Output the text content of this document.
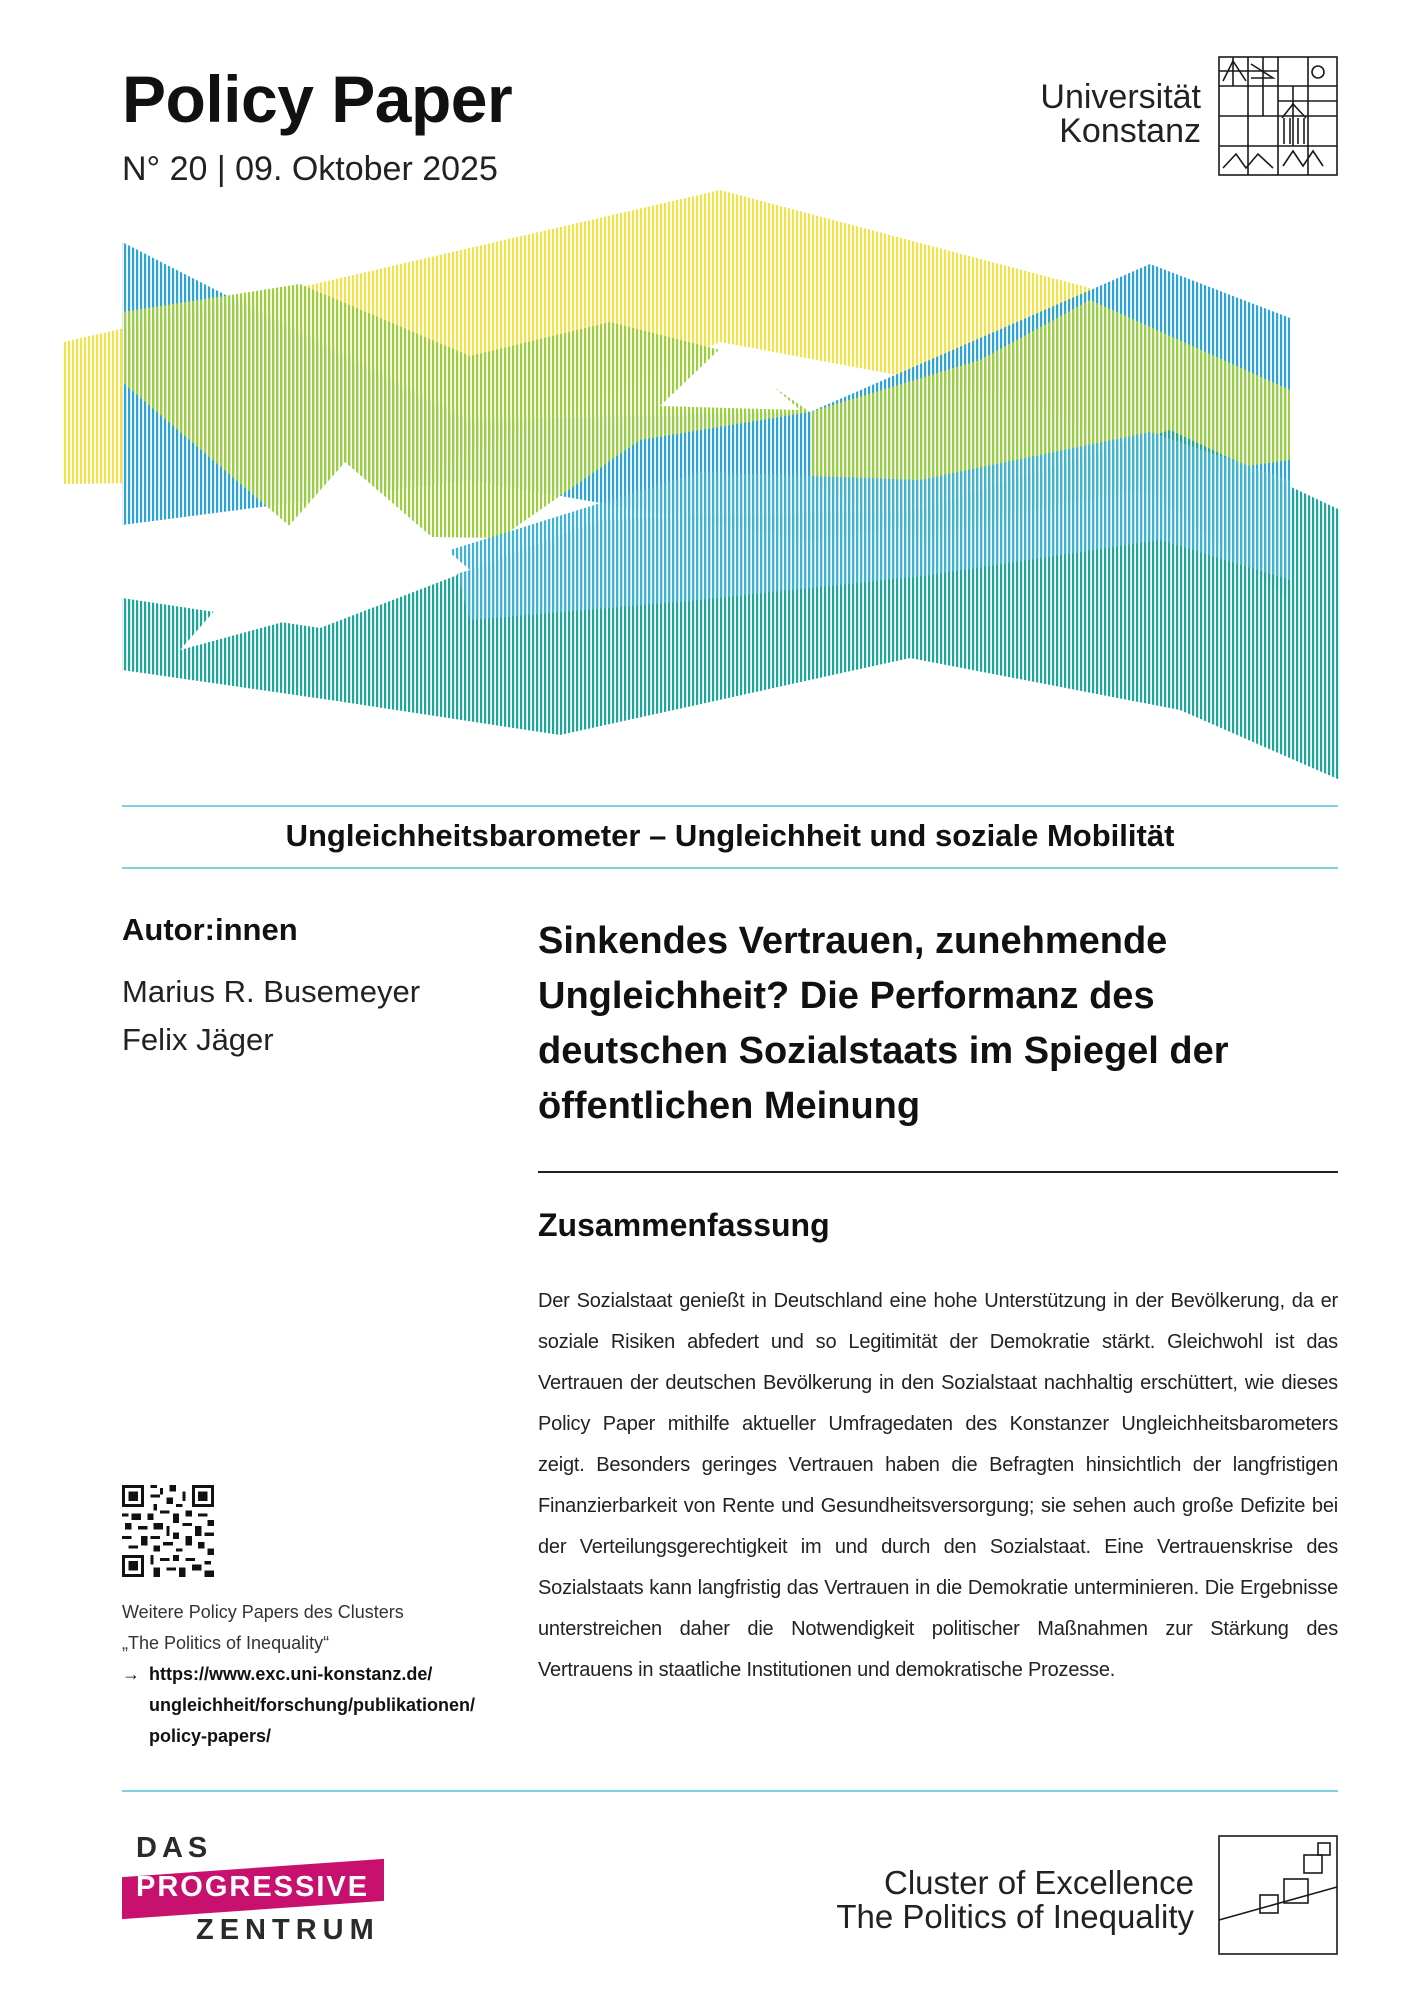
Policy Paper
N° 20 | 09. Oktober 2025
Universität
Konstanz
Ungleichheitsbarometer – Ungleichheit und soziale Mobilität
Autor:innen
Marius R. Busemeyer
Felix Jäger
Sinkendes Vertrauen, zunehmende Ungleichheit? Die Performanz des deutschen Sozialstaats im Spiegel der öffentlichen Meinung
Zusammenfassung
Der Sozialstaat genießt in Deutschland eine hohe Unterstützung in der Bevölkerung, da er soziale Risiken abfedert und so Legitimität der Demokratie stärkt. Gleichwohl ist das Vertrauen der deutschen Bevölkerung in den Sozialstaat nachhaltig erschüttert, wie dieses Policy Paper mithilfe aktueller Umfragedaten des Konstanzer Ungleichheitsbarometers zeigt. Besonders geringes Vertrauen haben die Befragten hinsichtlich der langfristigen Finanzierbarkeit von Rente und Gesundheitsversorgung; sie sehen auch große Defizite bei der Verteilungsgerechtigkeit im und durch den Sozialstaat. Eine Vertrauenskrise des Sozialstaats kann langfristig das Vertrauen in die Demokratie unterminieren. Die Ergebnisse unterstreichen daher die Notwendigkeit politischer Maßnahmen zur Stärkung des Vertrauens in staatliche Institutionen und demokratische Prozesse.
Weitere Policy Papers des Clusters
„The Politics of Inequality“
→ https://www.exc.uni-konstanz.de/
ungleichheit/forschung/publikationen/
policy-papers/
DAS
PROGRESSIVE
ZENTRUM
Cluster of Excellence
The Politics of Inequality
